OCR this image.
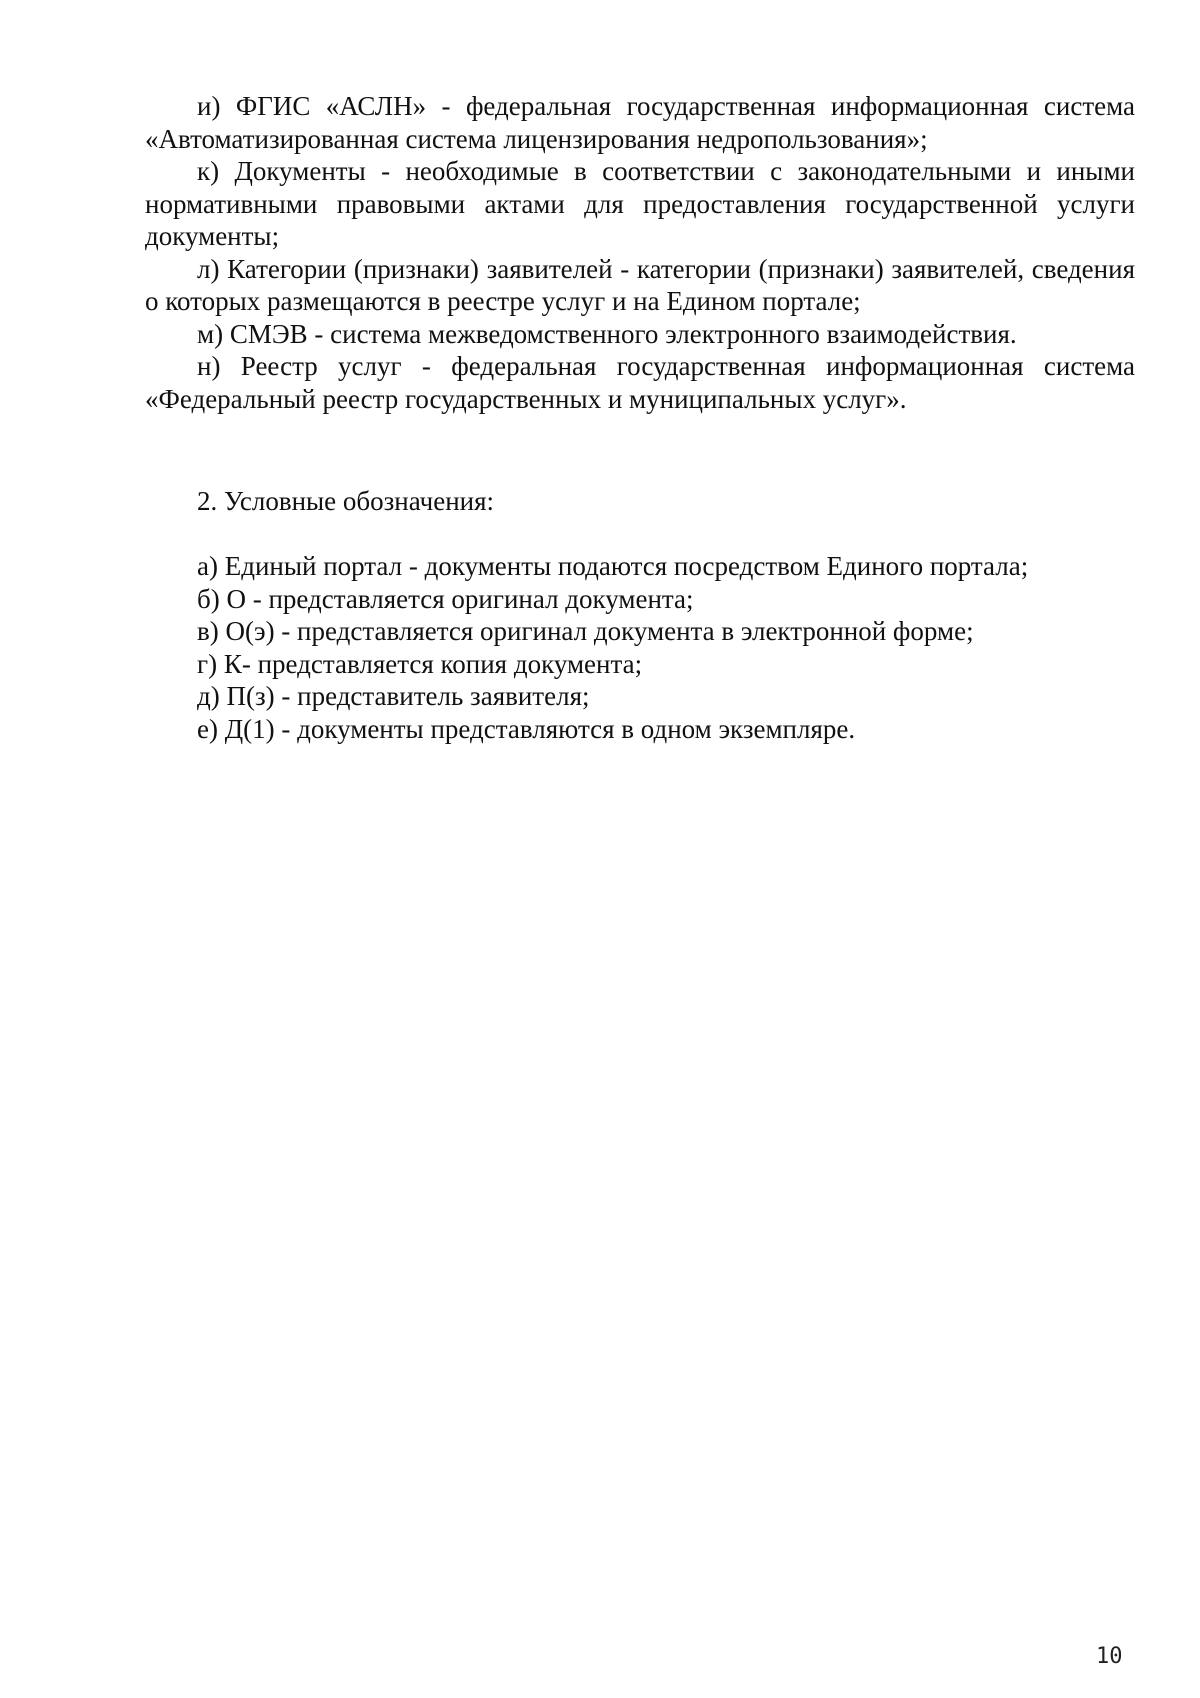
и) ФГИС «АСЛН» - федеральная государственная информационная система «Автоматизированная система лицензирования недропользования»;

к) Документы - необходимые в соответствии с законодательными и иными нормативными правовыми актами для предоставления государственной услуги документы;

л) Категории (признаки) заявителей - категории (признаки) заявителей, сведения о которых размещаются в реестре услуг и на Едином портале;

м) СМЭВ - система межведомственного электронного взаимодействия.

н) Реестр услуг - федеральная государственная информационная система «Федеральный реестр государственных и муниципальных услуг».

2. Условные обозначения:

а) Единый портал - документы подаются посредством Единого портала;
б) О - представляется оригинал документа;
в) О(э) - представляется оригинал документа в электронной форме;
г) К- представляется копия документа;
д) П(з) - представитель заявителя;
е) Д(1) - документы представляются в одном экземпляре.
10
